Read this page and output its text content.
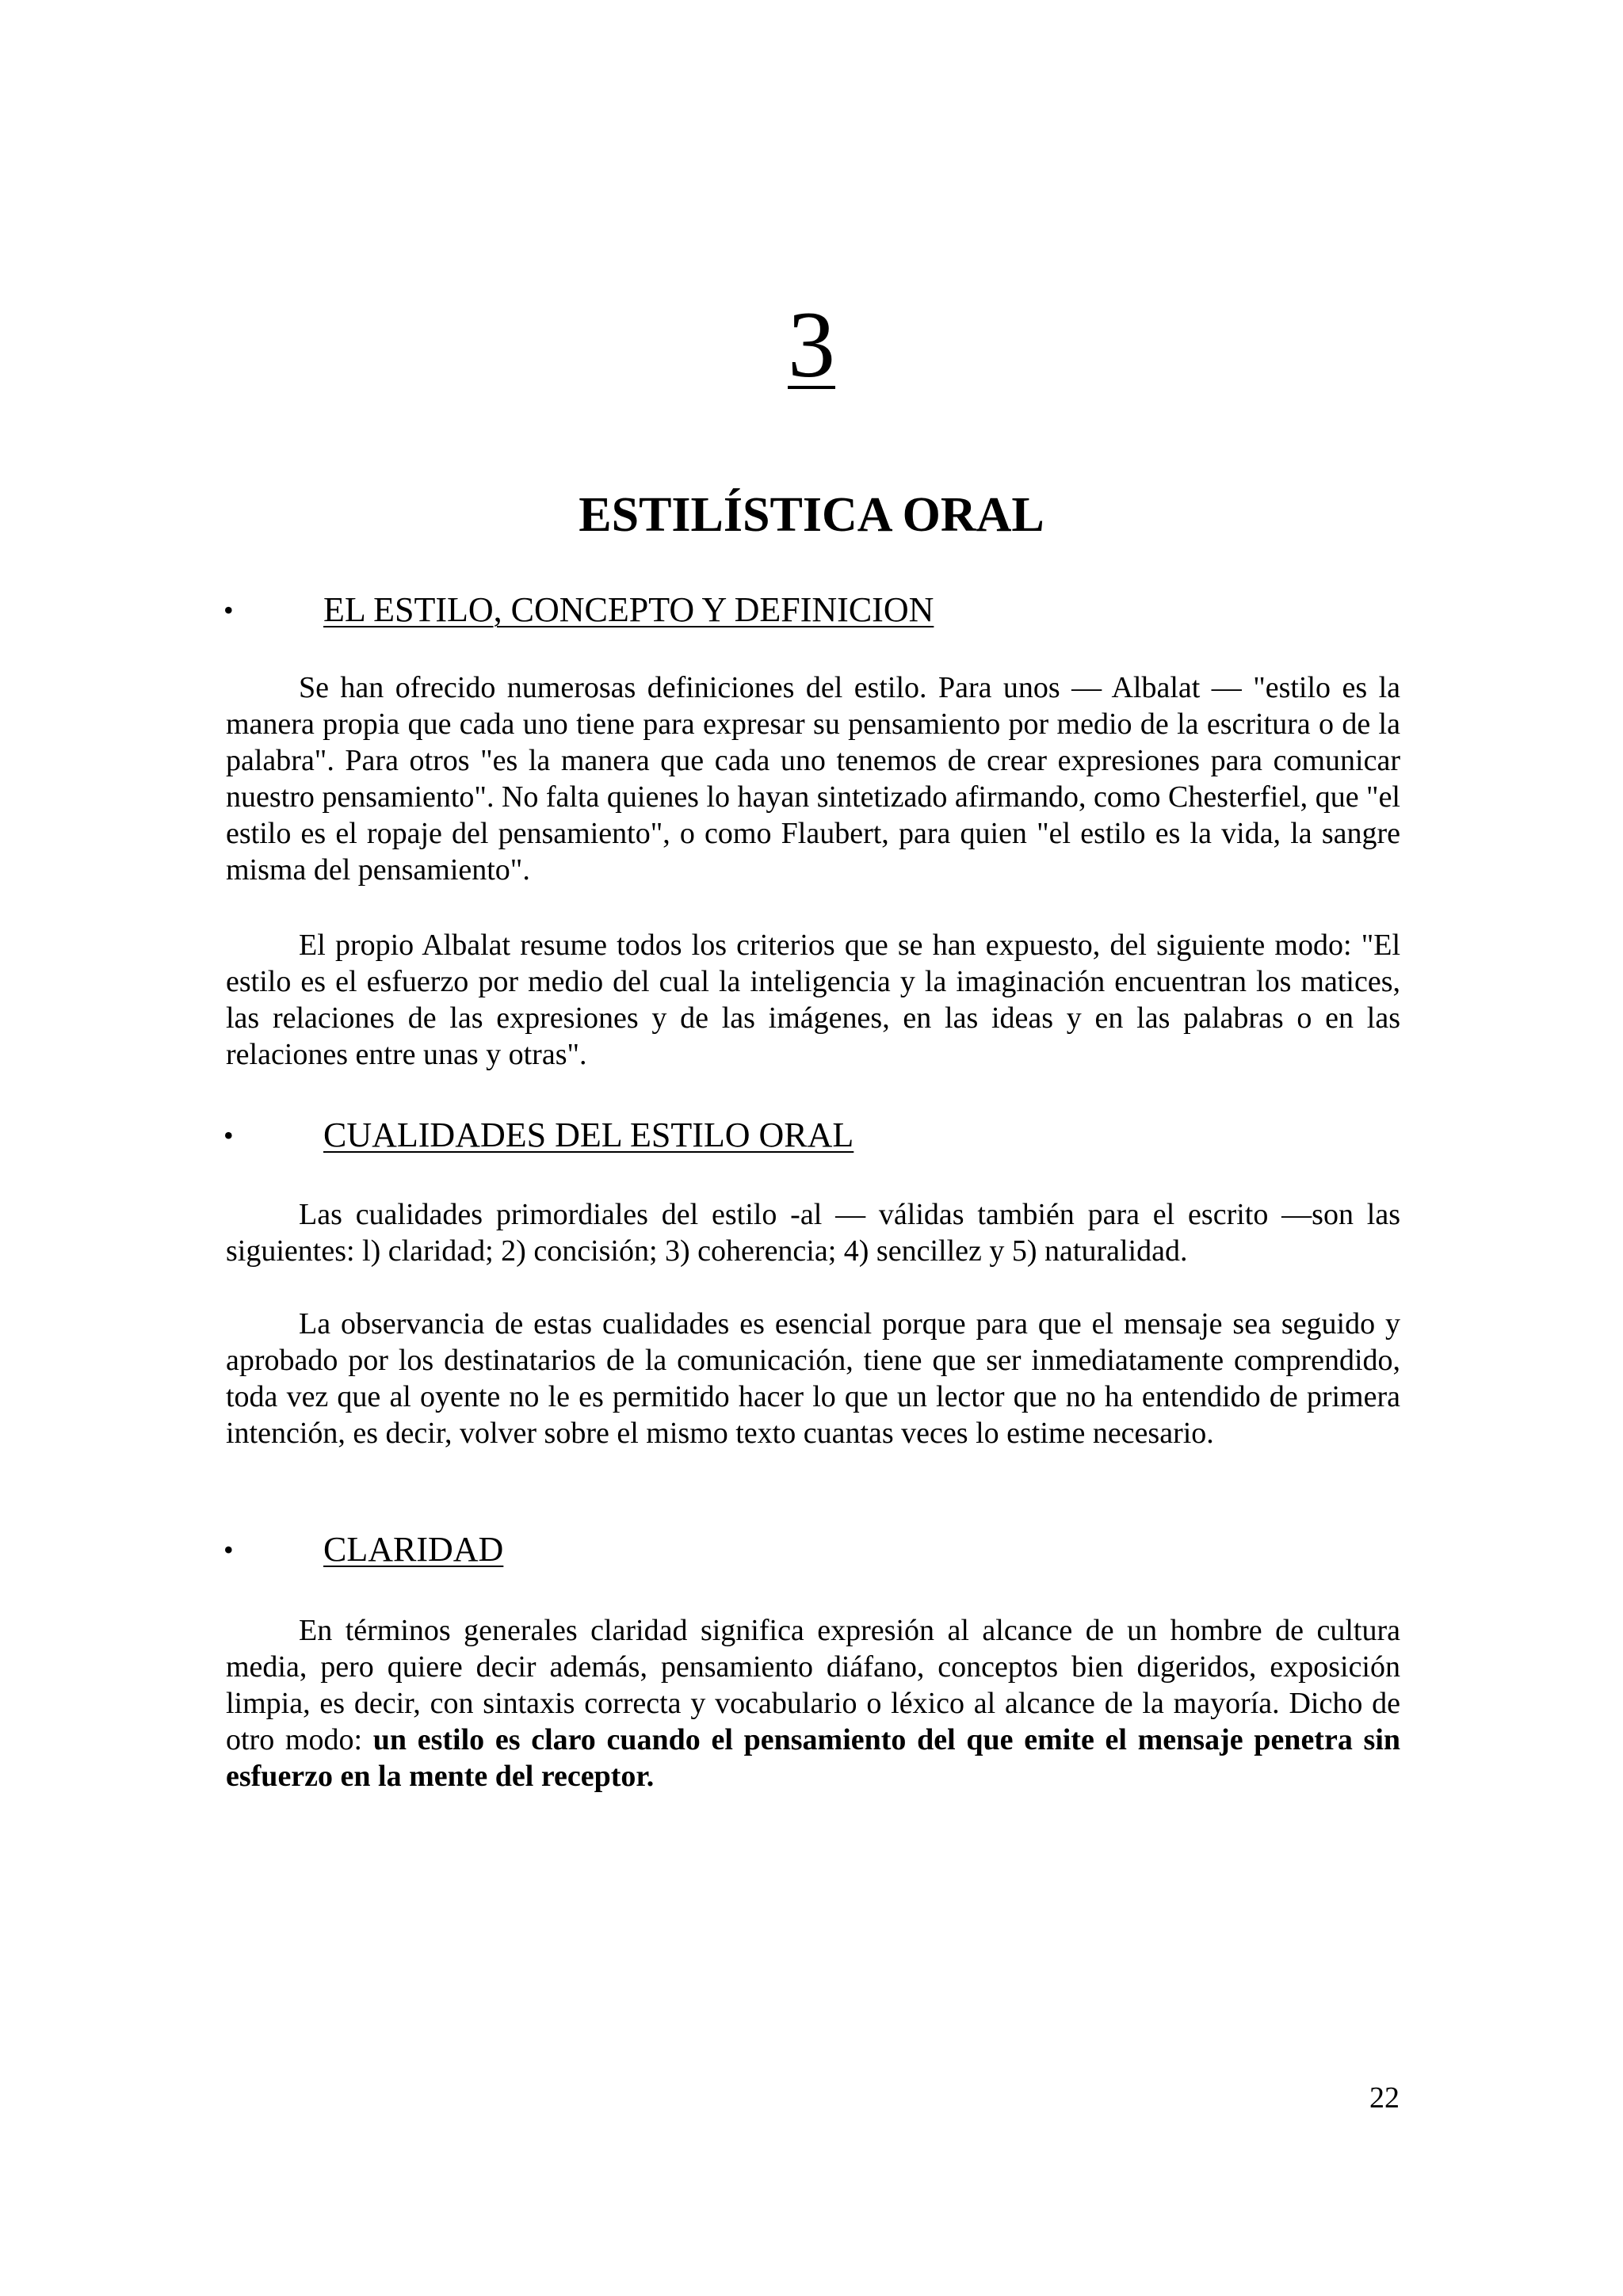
3

ESTILÍSTICA ORAL
•	EL ESTILO, CONCEPTO Y DEFINICION

Se han ofrecido numerosas definiciones del estilo. Para unos — Albalat — "estilo es la manera propia que cada uno tiene para expresar su pensamiento por medio de la escritura o de la palabra". Para otros "es la manera que cada uno tenemos de crear expresiones para comunicar nuestro pensamiento". No falta quienes lo hayan sintetizado afirmando, como Chesterfiel, que "el estilo es el ropaje del pensamiento", o como Flaubert, para quien "el estilo es la vida, la sangre misma del pensamiento".

El propio Albalat resume todos los criterios que se han expuesto, del siguiente modo: "El estilo es el esfuerzo por medio del cual la inteligencia y la imaginación encuentran los matices, las relaciones de las expresiones y de las imágenes, en las ideas y en las palabras o en las relaciones entre unas y otras".

•	CUALIDADES DEL ESTILO ORAL

Las cualidades primordiales del estilo -al — válidas también para el escrito —son las siguientes: l) claridad; 2) concisión; 3) coherencia; 4) sencillez y 5) naturalidad.

La observancia de estas cualidades es esencial porque para que el mensaje sea seguido y aprobado por los destinatarios de la comunicación, tiene que ser inmediatamente comprendido, toda vez que al oyente no le es permitido hacer lo que un lector que no ha entendido de primera intención, es decir, volver sobre el mismo texto cuantas veces lo estime necesario.

•	CLARIDAD

En términos generales claridad significa expresión al alcance de un hombre de cultura media, pero quiere decir además, pensamiento diáfano, conceptos bien digeridos, exposición limpia, es decir, con sintaxis correcta y vocabulario o léxico al alcance de la mayoría. Dicho de otro modo: un estilo es claro cuando el pensamiento del que emite el mensaje penetra sin esfuerzo en la mente del receptor.

22
